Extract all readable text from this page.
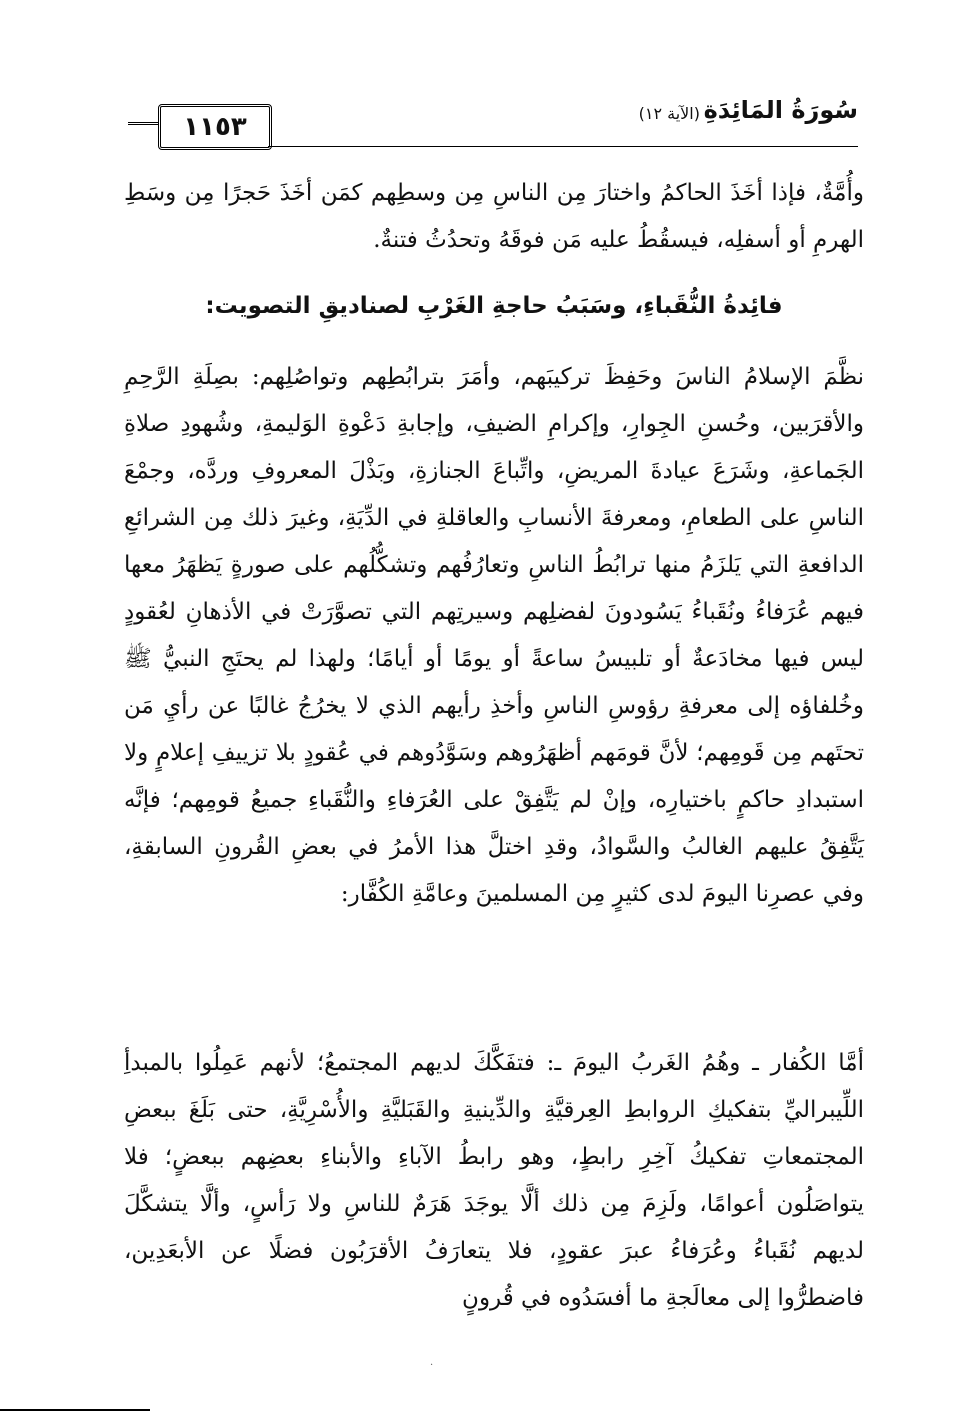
١١٥٣
سُورَةُ المَائِدَةِ
(الآية ١٢)

وأُمَّةٌ، فإذا أخَذَ الحاكمُ واختارَ مِن الناسِ مِن وسطِهم كمَن أخَذَ حَجرًا مِن وسَطِ الهرمِ أو أسفلِه، فيسقُطُ عليه مَن فوقَهُ وتحدُثُ فتنةٌ.

فائِدةُ النُّقَباءِ، وسَبَبُ حاجةِ الغَرْبِ لصناديقِ التصويت:

نظَّمَ الإسلامُ الناسَ وحَفِظَ تركيبَهم، وأمَرَ بترابُطِهم وتواصُلِهم: بصِلَةِ الرَّحِمِ والأقرَبين، وحُسنِ الجِوارِ، وإكرامِ الضيفِ، وإجابةِ دَعْوةِ الوَليمةِ، وشُهودِ صلاةِ الجَماعةِ، وشَرَعَ عيادةَ المريضِ، واتِّباعَ الجنازةِ، وبَذْلَ المعروفِ وردَّه، وجمْعَ الناسِ على الطعامِ، ومعرفةَ الأنسابِ والعاقلةِ في الدِّيَةِ، وغيرَ ذلك مِن الشرائعِ الدافعةِ التي يَلزَمُ منها ترابُطُ الناسِ وتعارُفُهم وتشكُّلُهم على صورةٍ يَظهَرُ معها فيهم عُرَفاءُ ونُقَباءُ يَسُودونَ لفضلِهم وسيرتِهم التي تصوَّرَتْ في الأذهانِ لعُقودٍ ليس فيها مخادَعةٌ أو تلبيسُ ساعةً أو يومًا أو أيامًا؛ ولهذا لم يحتَجِ النبيُّ ﷺ وخُلفاؤه إلى معرفةِ رؤوسِ الناسِ وأخذِ رأيهم الذي لا يخرُجُ غالبًا عن رأيِ مَن تحتَهم مِن قَومِهم؛ لأنَّ قومَهم أظهَرُوهم وسَوَّدُوهم في عُقودٍ بلا تزييفِ إعلامٍ ولا استبدادِ حاكمٍ باختيارِه، وإنْ لم يَتَّفِقْ على العُرَفاءِ والنُّقَباءِ جميعُ قومِهم؛ فإنَّه يَتَّفِقُ عليهم الغالبُ والسَّوادُ، وقدِ اختلَّ هذا الأمرُ في بعضِ القُرونِ السابقةِ، وفي عصرِنا اليومَ لدى كثيرٍ مِن المسلمينَ وعامَّةِ الكُفَّار:

أمَّا الكُفار ـ وهُمُ الغَربُ اليومَ ـ: فتفَكَّكَ لديهم المجتمعُ؛ لأنهم عَمِلُوا بالمبدأِ اللِّيبراليِّ بتفكيكِ الروابطِ العِرقيَّةِ والدِّينيةِ والقَبَليَّةِ والأُسْرِيَّةِ، حتى بَلَغَ ببعضِ المجتمعاتِ تفكيكُ آخِرِ رابطٍ، وهو رابطُ الآباءِ والأبناءِ بعضِهم ببعضٍ؛ فلا يتواصَلُون أعوامًا، ولَزِمَ مِن ذلك ألَّا يوجَدَ هَرَمٌ للناسِ ولا رَأسٍ، وألَّا يتشكَّلَ لديهم نُقَباءُ وعُرَفاءُ عبرَ عقودٍ، فلا يتعارَفُ الأقرَبُون فضلًا عن الأبعَدِين، فاضطرُّوا إلى معالَجةِ ما أفسَدُوه في قُرونٍ

·
